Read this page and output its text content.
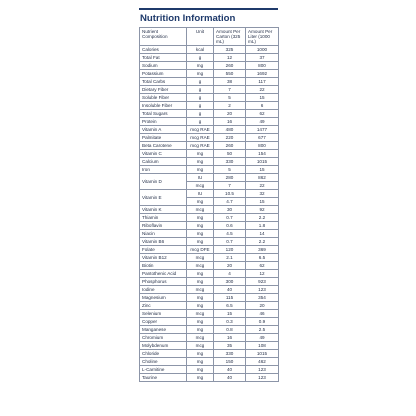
Nutrition Information
Nutrient Composition	Unit	Amount Per Carton (325 mL)	Amount Per Liter (1000 mL)
Calories	kcal	325	1000
Total Fat	g	12	37
Sodium	mg	260	800
Potassium	mg	550	1692
Total Carbs	g	38	117
Dietary Fiber	g	7	22
Soluble Fiber	g	5	15
Insoluble Fiber	g	2	6
Total Sugars	g	20	62
Protein	g	16	49
Vitamin A	mcg RAE	480	1477
Palmitate	mcg RAE	220	677
Beta Carotene	mcg RAE	260	800
Vitamin C	mg	50	154
Calcium	mg	330	1015
Iron	mg	5	15
Vitamin D	IU	280	862
	mcg	7	22
Vitamin E	IU	10.5	32
	mg	4.7	15
Vitamin K	mcg	30	92
Thiamin	mg	0.7	2.2
Riboflavin	mg	0.6	1.8
Niacin	mg	4.5	14
Vitamin B6	mg	0.7	2.2
Folate	mcg DFE	120	369
Vitamin B12	mcg	2.1	6.5
Biotin	mcg	20	62
Pantothenic Acid	mg	4	12
Phosphorus	mg	300	923
Iodine	mcg	40	123
Magnesium	mg	115	354
Zinc	mg	6.5	20
Selenium	mcg	15	46
Copper	mg	0.3	0.9
Manganese	mg	0.8	2.5
Chromium	mcg	16	49
Molybdenum	mcg	35	108
Chloride	mg	330	1015
Choline	mg	150	462
L-Carnitine	mg	40	123
Taurine	mg	40	123
